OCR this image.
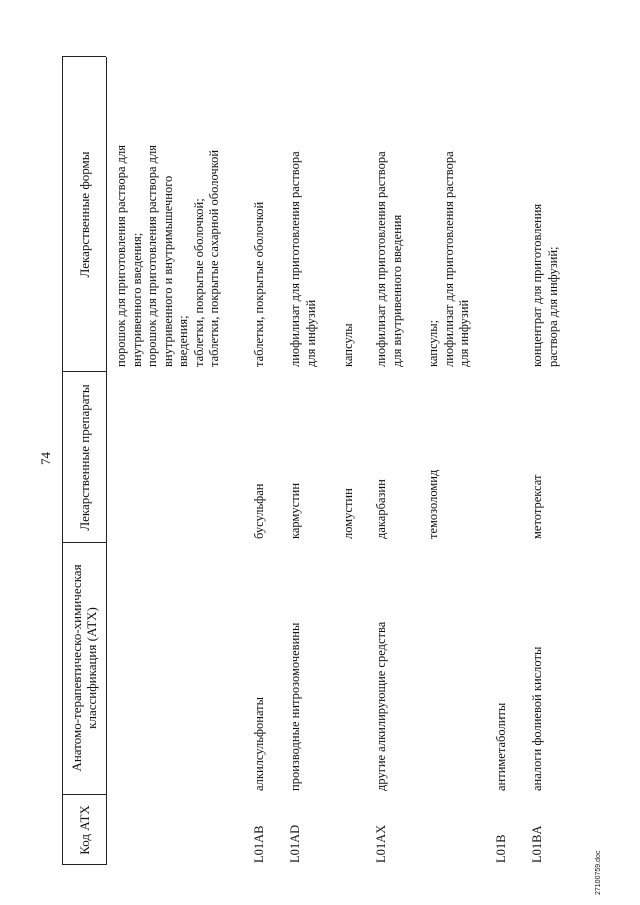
74
Код АТХ
Анатомо-терапевтическо-химическая классификация (АТХ)
Лекарственные препараты
Лекарственные формы	порошок для приготовления раствора для внутривенного введения; порошок для приготовления раствора для внутривенного и внутримышечного введения; таблетки, покрытые оболочкой; таблетки, покрытые сахарной оболочкой
L01AB
алкилсульфонаты
бусульфан
таблетки, покрытые оболочкой
L01AD
производные нитрозомочевины
кармустин
лиофилизат для приготовления раствора для инфузий
ломустин
капсулы
L01AX
другие алкилирующие средства
дакарбазин
лиофилизат для приготовления раствора для внутривенного введения
темозоломид
капсулы; лиофилизат для приготовления раствора для инфузий
L01B
антиметаболиты
L01BA
аналоги фолиевой кислоты
метотрексат
концентрат для приготовления раствора для инфузий;
27100759.doc
